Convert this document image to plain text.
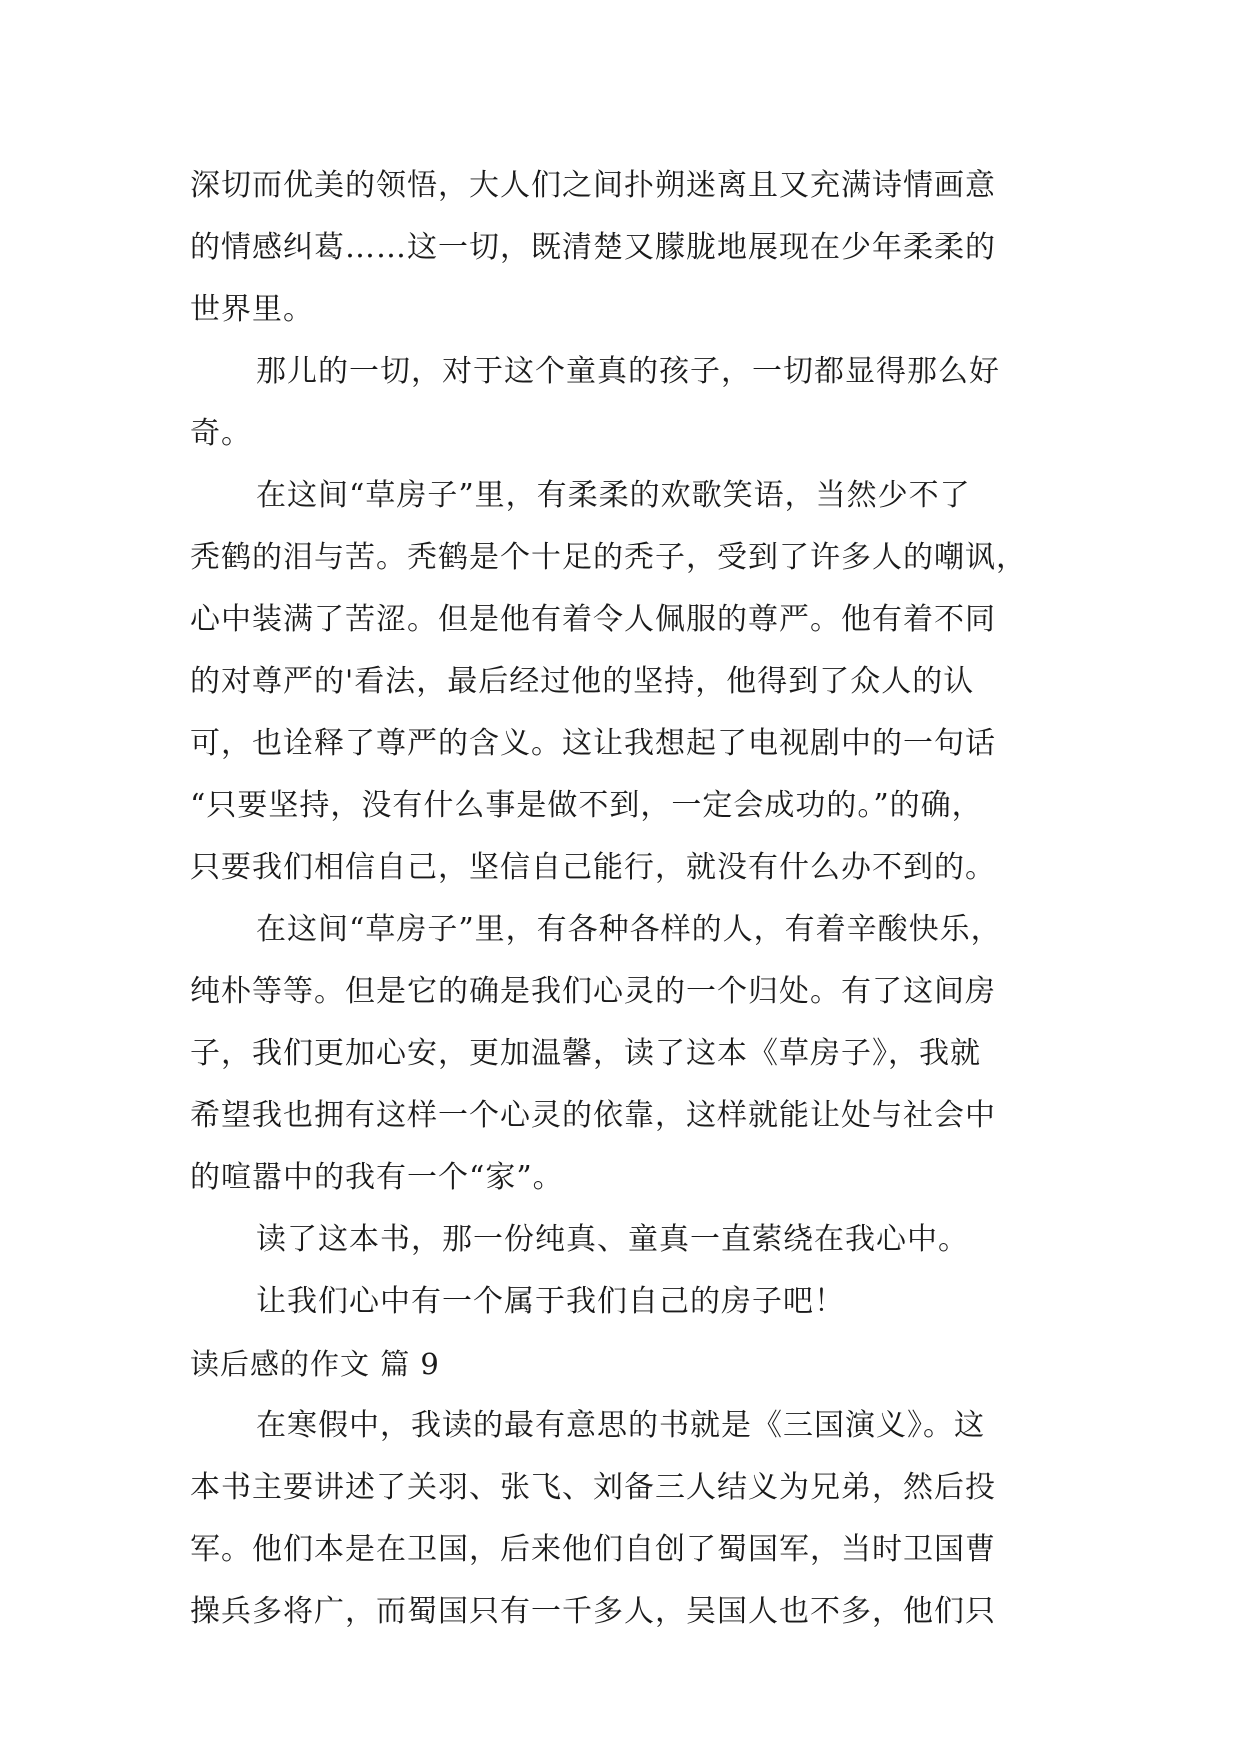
深切而优美的领悟，大人们之间扑朔迷离且又充满诗情画意
的情感纠葛……这一切，既清楚又朦胧地展现在少年柔柔的
世界里。
那儿的一切，对于这个童真的孩子，一切都显得那么好
奇。
在这间“草房子”里，有柔柔的欢歌笑语，当然少不了
秃鹤的泪与苦。秃鹤是个十足的秃子，受到了许多人的嘲讽，
心中装满了苦涩。但是他有着令人佩服的尊严。他有着不同
的对尊严的'看法，最后经过他的坚持，他得到了众人的认
可，也诠释了尊严的含义。这让我想起了电视剧中的一句话
“只要坚持，没有什么事是做不到，一定会成功的。”的确，
只要我们相信自己，坚信自己能行，就没有什么办不到的。
在这间“草房子”里，有各种各样的人，有着辛酸快乐，
纯朴等等。但是它的确是我们心灵的一个归处。有了这间房
子，我们更加心安，更加温馨，读了这本《草房子》，我就
希望我也拥有这样一个心灵的依靠，这样就能让处与社会中
的喧嚣中的我有一个“家”。
读了这本书，那一份纯真、童真一直萦绕在我心中。
让我们心中有一个属于我们自己的房子吧！
读后感的作文 篇 9
在寒假中，我读的最有意思的书就是《三国演义》。这
本书主要讲述了关羽、张飞、刘备三人结义为兄弟，然后投
军。他们本是在卫国，后来他们自创了蜀国军，当时卫国曹
操兵多将广，而蜀国只有一千多人，吴国人也不多，他们只
